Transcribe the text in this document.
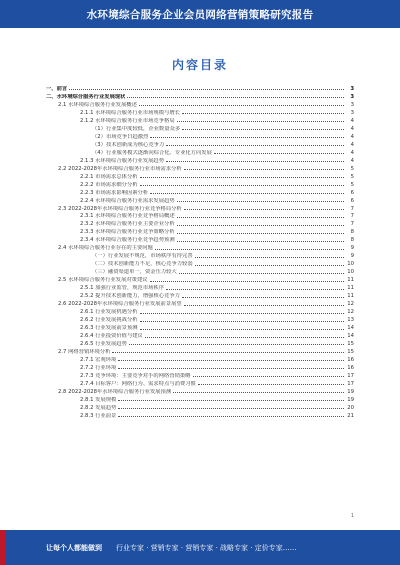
水环境综合服务企业会员网络营销策略研究报告
内容目录
一、前言	3
二、水环境综合服务行业发展现状	3
2.1 水环境综合服务行业发展概述	3
2.1.1 水环境综合服务行业市场规模与增长	3
2.1.2 水环境综合服务行业市场竞争格局	4
（1）行业集中度较低，企业数量众多	4
（2）市场竞争日趋激烈	4
（3）技术创新成为核心竞争力	4
（4）行业服务模式逐渐向综合化、专业化方向发展	4
2.1.3 水环境综合服务行业发展趋势	4
2.2 2022-2028年水环境综合服务行业市场需求分析	5
2.2.1 市场需求总体分析	5
2.2.2 市场需求细分分析	5
2.2.3 市场需求影响因素分析	6
2.2.4 水环境综合服务行业需求发展趋势	6
2.3 2022-2028年水环境综合服务行业竞争格局分析	7
2.3.1 水环境综合服务行业竞争格局概述	7
2.3.2 水环境综合服务行业主要企业分析	7
2.3.3 水环境综合服务行业竞争策略分析	8
2.3.4 水环境综合服务行业竞争趋势预测	8
2.4 水环境综合服务行业存在的主要问题	9
（一）行业发展不规范，市场秩序有待完善	9
（二）技术创新能力不足，核心竞争力较弱	10
（三）融资渠道单一，资金压力较大	10
2.5 水环境综合服务行业发展对策建议	11
2.5.1 加强行业监管，规范市场秩序	11
2.5.2 提升技术创新能力，增强核心竞争力	11
2.6 2022-2028年水环境综合服务行业发展前景展望	12
2.6.1 行业发展机遇分析	12
2.6.2 行业发展挑战分析	13
2.6.3 行业发展前景预测	14
2.6.4 行业投资价值与建议	14
2.6.5 行业发展趋势	15
2.7 网络营销环境分析	15
2.7.1 宏观环境	16
2.7.2 行业环境	16
2.7.3 竞争环境：主要竞争对手的网络营销策略	17
2.7.4 目标客户：网络行为、需求特点与消费习惯	17
2.8 2022-2028年水环境综合服务行业发展预测	19
2.8.1 发展规模	19
2.8.2 发展趋势	20
2.8.3 行业前景	21
1
让每个人都能做到 行业专家 · 营销专家 · 营销专家 · 战略专家 · 定价专家……
